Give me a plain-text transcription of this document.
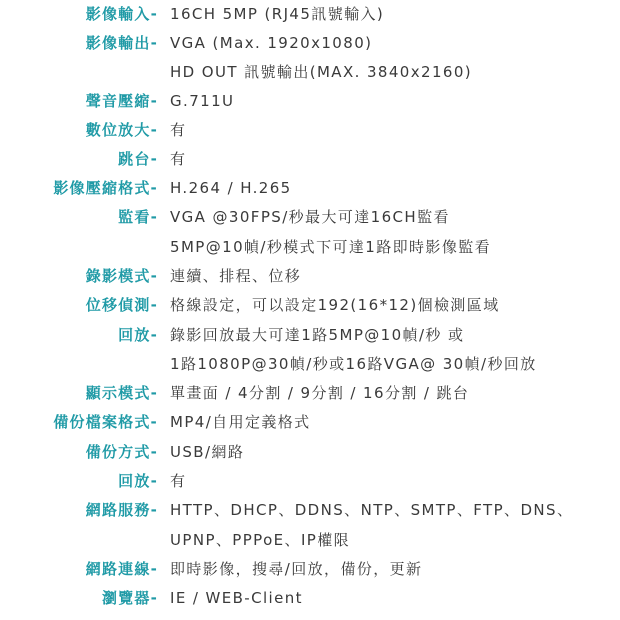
影像輸入- 16CH 5MP (RJ45訊號輸入)
影像輸出- VGA (Max. 1920x1080)
HD OUT 訊號輸出(MAX. 3840x2160)
聲音壓縮- G.711U
數位放大- 有
跳台- 有
影像壓縮格式- H.264 / H.265
監看- VGA @30FPS/秒最大可達16CH監看
5MP@10幀/秒模式下可達1路即時影像監看
錄影模式- 連續、排程、位移
位移偵測- 格線設定，可以設定192(16*12)個檢測區域
回放- 錄影回放最大可達1路5MP@10幀/秒 或
1路1080P@30幀/秒或16路VGA@ 30幀/秒回放
顯示模式- 單畫面 / 4分割 / 9分割 / 16分割 / 跳台
備份檔案格式- MP4/自用定義格式
備份方式- USB/網路
回放- 有
網路服務- HTTP、DHCP、DDNS、NTP、SMTP、FTP、DNS、
UPNP、PPPoE、IP權限
網路連線- 即時影像，搜尋/回放，備份，更新
瀏覽器- IE / WEB-Client
